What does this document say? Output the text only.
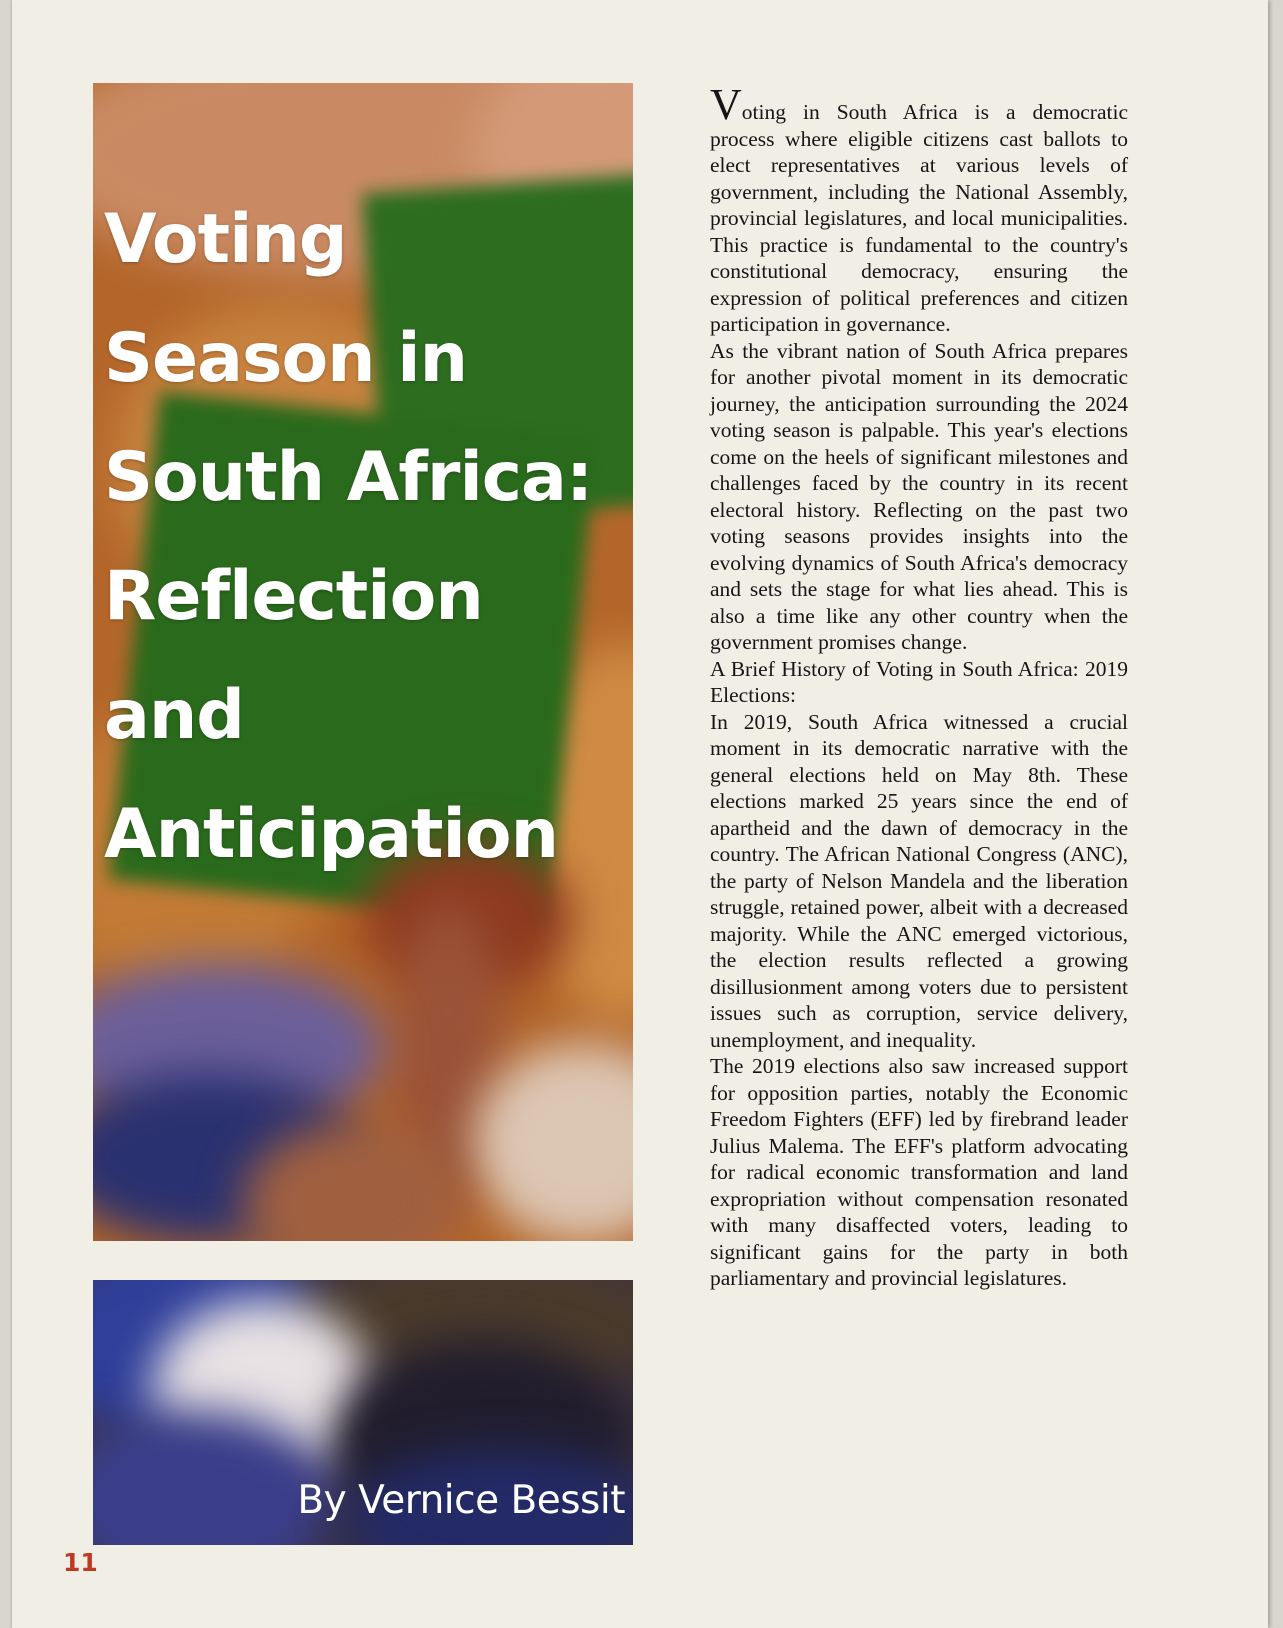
Voting
Season in
South Africa:
Reflection
and
Anticipation
By Vernice Bessit
11

Voting in South Africa is a democratic process where eligible citizens cast ballots to elect representatives at various levels of government, including the National Assembly, provincial legislatures, and local municipalities. This practice is fundamental to the country's constitutional democracy, ensuring the expression of political preferences and citizen participation in governance.

As the vibrant nation of South Africa prepares for another pivotal moment in its democratic journey, the anticipation surrounding the 2024 voting season is palpable. This year's elections come on the heels of significant milestones and challenges faced by the country in its recent electoral history. Reflecting on the past two voting seasons provides insights into the evolving dynamics of South Africa's democracy and sets the stage for what lies ahead. This is also a time like any other country when the government promises change.

A Brief History of Voting in South Africa: 2019 Elections:

In 2019, South Africa witnessed a crucial moment in its democratic narrative with the general elections held on May 8th. These elections marked 25 years since the end of apartheid and the dawn of democracy in the country. The African National Congress (ANC), the party of Nelson Mandela and the liberation struggle, retained power, albeit with a decreased majority. While the ANC emerged victorious, the election results reflected a growing disillusionment among voters due to persistent issues such as corruption, service delivery, unemployment, and inequality.

The 2019 elections also saw increased support for opposition parties, notably the Economic Freedom Fighters (EFF) led by firebrand leader Julius Malema. The EFF's platform advocating for radical economic transformation and land expropriation without compensation resonated with many disaffected voters, leading to significant gains for the party in both parliamentary and provincial legislatures.
